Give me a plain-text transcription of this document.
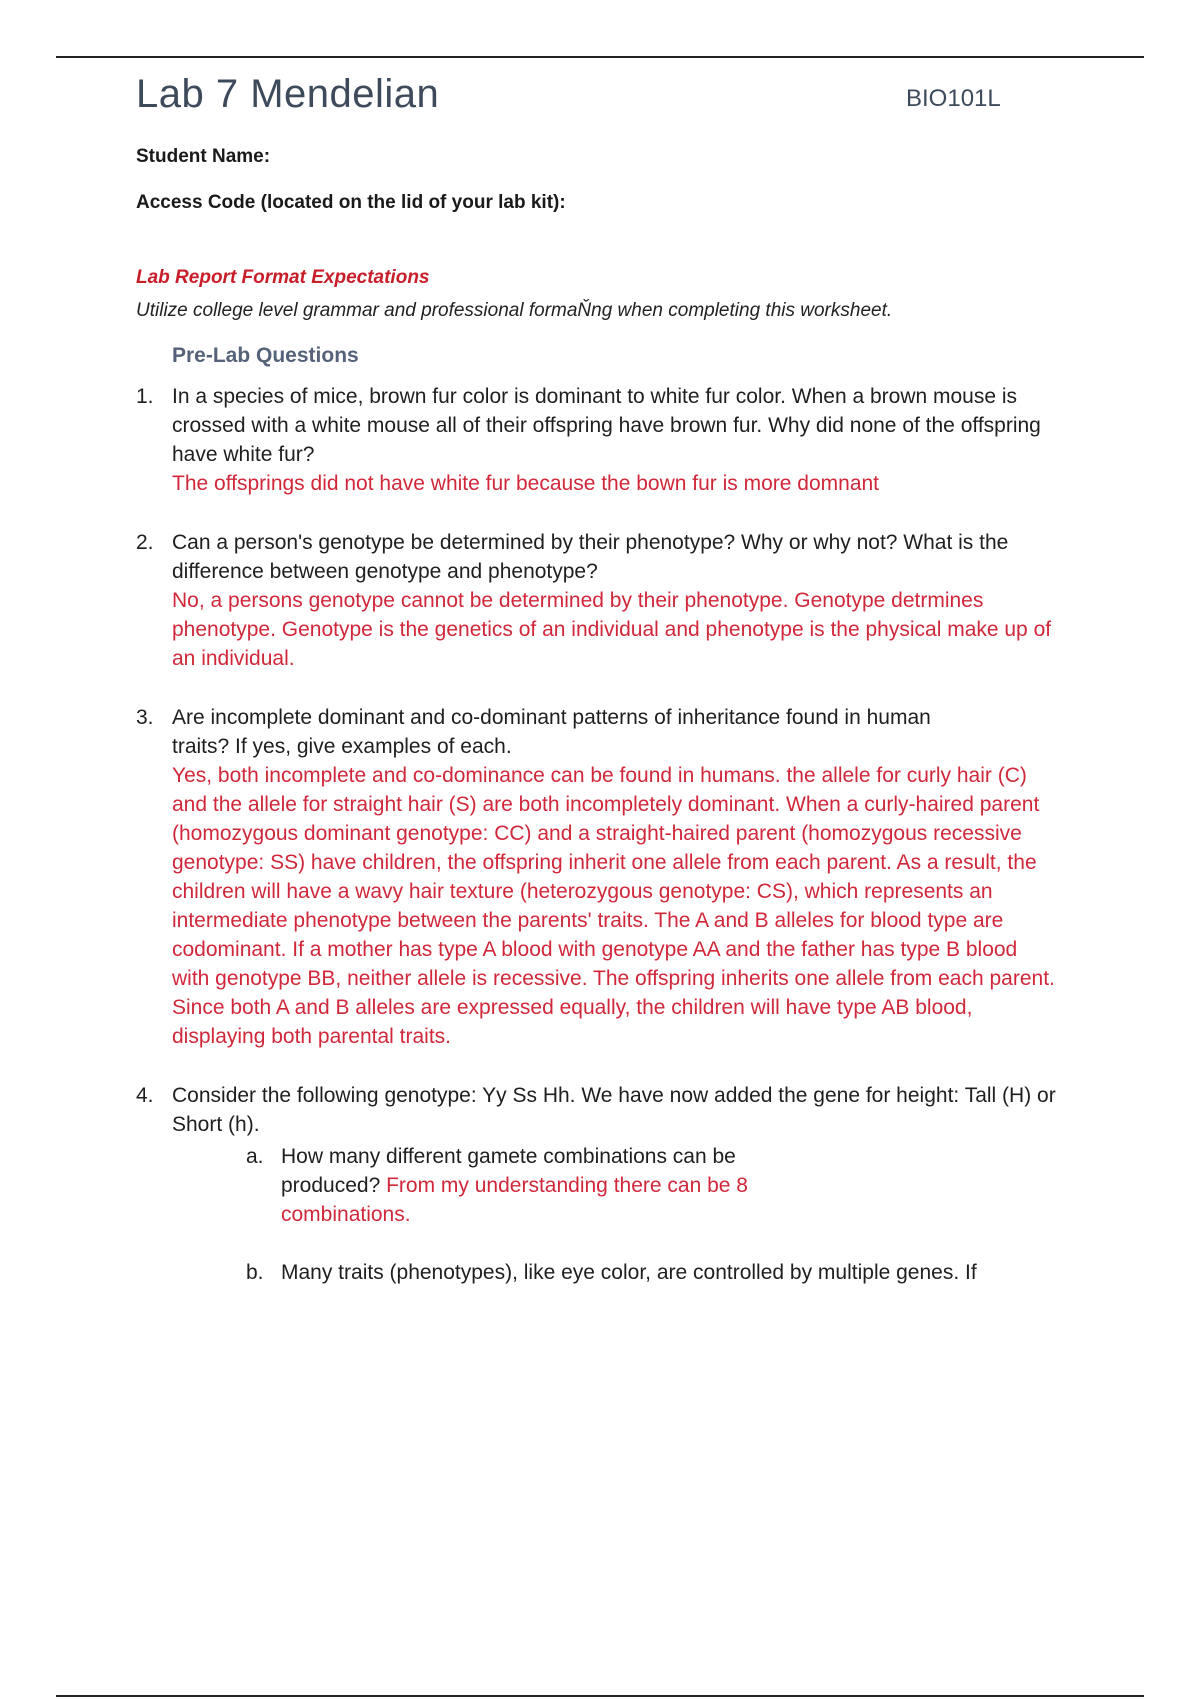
Lab 7 Mendelian	BIO101L
Student Name:
Access Code (located on the lid of your lab kit):
Lab Report Format Expectations
Utilize college level grammar and professional formaŇng when completing this worksheet.
Pre-Lab Questions
1. In a species of mice, brown fur color is dominant to white fur color. When a brown mouse is crossed with a white mouse all of their offspring have brown fur. Why did none of the offspring have white fur?
The offsprings did not have white fur because the bown fur is more domnant
2. Can a person's genotype be determined by their phenotype? Why or why not? What is the difference between genotype and phenotype?
No, a persons genotype cannot be determined by their phenotype. Genotype detrmines phenotype. Genotype is the genetics of an individual and phenotype is the physical make up of an individual.
3. Are incomplete dominant and co-dominant patterns of inheritance found in human traits? If yes, give examples of each.
Yes, both incomplete and co-dominance can be found in humans. the allele for curly hair (C) and the allele for straight hair (S) are both incompletely dominant. When a curly-haired parent (homozygous dominant genotype: CC) and a straight-haired parent (homozygous recessive genotype: SS) have children, the offspring inherit one allele from each parent. As a result, the children will have a wavy hair texture (heterozygous genotype: CS), which represents an intermediate phenotype between the parents' traits. The A and B alleles for blood type are codominant. If a mother has type A blood with genotype AA and the father has type B blood with genotype BB, neither allele is recessive. The offspring inherits one allele from each parent. Since both A and B alleles are expressed equally, the children will have type AB blood, displaying both parental traits.
4. Consider the following genotype: Yy Ss Hh. We have now added the gene for height: Tall (H) or Short (h).
a. How many different gamete combinations can be produced? From my understanding there can be 8 combinations.
b. Many traits (phenotypes), like eye color, are controlled by multiple genes. If
